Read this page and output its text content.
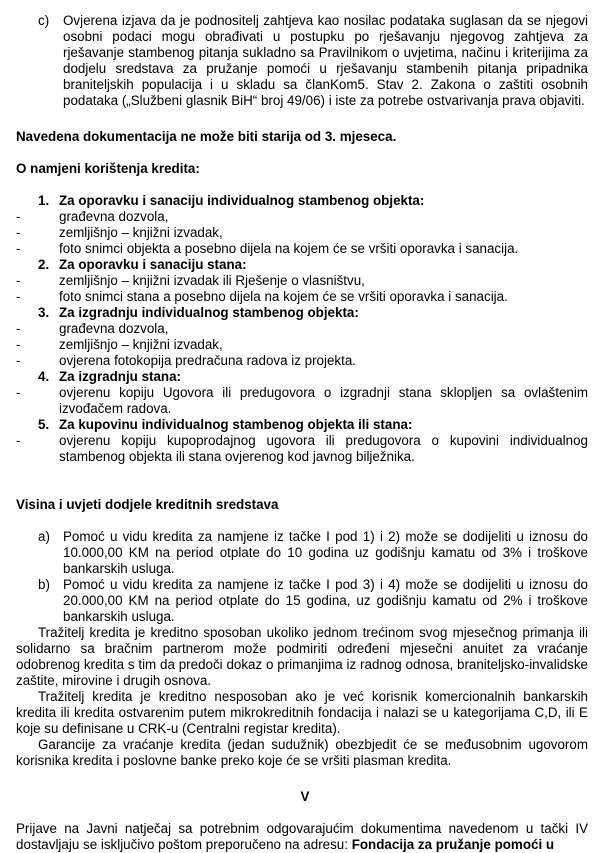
c)	Ovjerena izjava da je podnositelj zahtjeva kao nosilac podataka suglasan da se njegovi osobni podaci mogu obrađivati u postupku po rješavanju njegovog zahtjeva za rješavanje stambenog pitanja sukladno sa Pravilnikom o uvjetima, načinu i kriterijima za dodjelu sredstava za pružanje pomoći u rješavanju stambenih pitanja pripadnika braniteljskih populacija i u skladu sa članKom5. Stav 2. Zakona o zaštiti osobnih podataka („Službeni glasnik BiH“ broj 49/06) i iste za potrebe ostvarivanja prava objaviti.
Navedena dokumentacija ne može biti starija od 3. mjeseca.
O namjeni korištenja kredita:
1. Za oporavku i sanaciju individualnog stambenog objekta:
-	građevna dozvola,
-	zemljišnjo – knjižni izvadak,
-	foto snimci objekta a posebno dijela na kojem će se vršiti oporavka i sanacija.
2. Za oporavku i sanaciju stana:
-	zemljišnjo – knjižni izvadak ili Rješenje o vlasništvu,
-	foto snimci stana a posebno dijela na kojem će se vršiti oporavka i sanacija.
3. Za izgradnju individualnog stambenog objekta:
-	građevna dozvola,
-	zemljišnjo – knjižni izvadak,
-	ovjerena fotokopija predračuna radova iz projekta.
4. Za izgradnju stana:
-	ovjerenu kopiju Ugovora ili predugovora o izgradnji stana sklopljen sa ovlaštenim izvođačem radova.
5. Za kupovinu individualnog stambenog objekta ili stana:
-	ovjerenu kopiju kupoprodajnog ugovora ili predugovora o kupovini individualnog stambenog objekta ili stana ovjerenog kod javnog bilježnika.
Visina i uvjeti dodjele kreditnih sredstava
a) Pomoć u vidu kredita za namjene iz tačke I pod 1) i 2) može se dodijeliti u iznosu do 10.000,00 KM na period otplate do 10 godina uz godišnju kamatu od 3% i troškove bankarskih usluga.
b) Pomoć u vidu kredita za namjene iz tačke I pod 3) i 4) može se dodijeliti u iznosu do 20.000,00 KM na period otplate do 15 godina, uz godišnju kamatu od 2% i troškove bankarskih usluga.
Tražitelj kredita je kreditno sposoban ukoliko jednom trećinom svog mjesečnog primanja ili solidarno sa bračnim partnerom može podmiriti određeni mjesečni anuitet za vraćanje odobrenog kredita s tim da predoči dokaz o primanjima iz radnog odnosa, braniteljsko-invalidske zaštite, mirovine i drugih osnova.
Tražitelj kredita je kreditno nesposoban ako je već korisnik komercionalnih bankarskih kredita ili kredita ostvarenim putem mikrokreditnih fondacija i nalazi se u kategorijama C,D, ili E koje su definisane u CRK-u (Centralni registar kredita).
Garancije za vraćanje kredita (jedan sudužnik) obezbjedit će se međusobnim ugovorom korisnika kredita i poslovne banke preko koje će se vršiti plasman kredita.
V
Prijave na Javni natječaj sa potrebnim odgovarajućim dokumentima navedenom u tački IV dostavljaju se isključivo poštom preporučeno na adresu: Fondacija za pružanje pomoći u
